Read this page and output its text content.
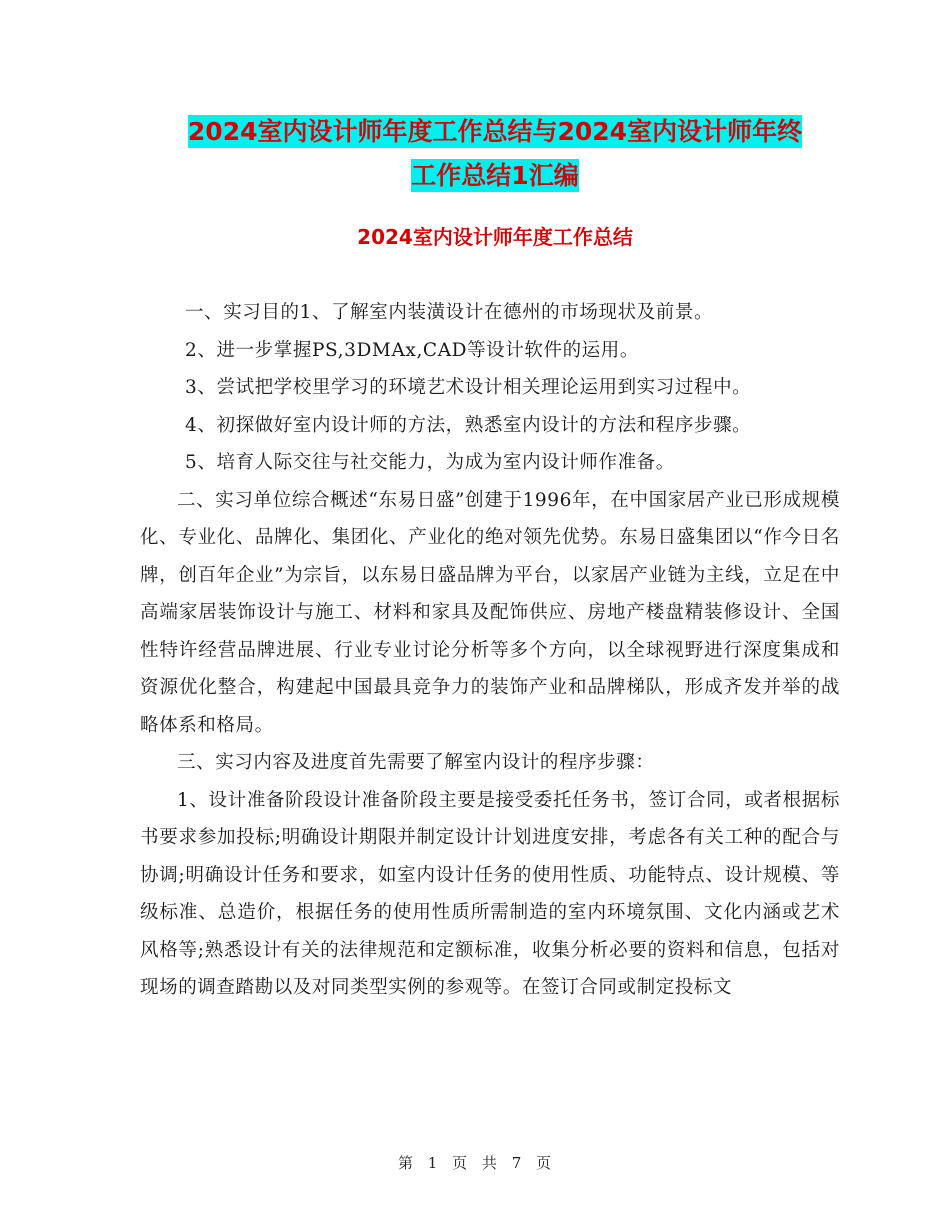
2024室内设计师年度工作总结与2024室内设计师年终
工作总结1汇编
2024室内设计师年度工作总结

一、实习目的1、了解室内装潢设计在德州的市场现状及前景。

2、进一步掌握PS,3DMAx,CAD等设计软件的运用。

3、尝试把学校里学习的环境艺术设计相关理论运用到实习过程中。

4、初探做好室内设计师的方法，熟悉室内设计的方法和程序步骤。

5、培育人际交往与社交能力，为成为室内设计师作准备。

二、实习单位综合概述“东易日盛”创建于1996年，在中国家居产业已形成规模化、专业化、品牌化、集团化、产业化的绝对领先优势。东易日盛集团以“作今日名牌，创百年企业”为宗旨，以东易日盛品牌为平台，以家居产业链为主线，立足在中高端家居装饰设计与施工、材料和家具及配饰供应、房地产楼盘精装修设计、全国性特许经营品牌进展、行业专业讨论分析等多个方向，以全球视野进行深度集成和资源优化整合，构建起中国最具竞争力的装饰产业和品牌梯队，形成齐发并举的战略体系和格局。

三、实习内容及进度首先需要了解室内设计的程序步骤：

1、设计准备阶段设计准备阶段主要是接受委托任务书，签订合同，或者根据标书要求参加投标;明确设计期限并制定设计计划进度安排，考虑各有关工种的配合与协调;明确设计任务和要求，如室内设计任务的使用性质、功能特点、设计规模、等级标准、总造价，根据任务的使用性质所需制造的室内环境氛围、文化内涵或艺术风格等;熟悉设计有关的法律规范和定额标准，收集分析必要的资料和信息，包括对现场的调查踏勘以及对同类型实例的参观等。在签订合同或制定投标文

第 1 页 共 7 页
